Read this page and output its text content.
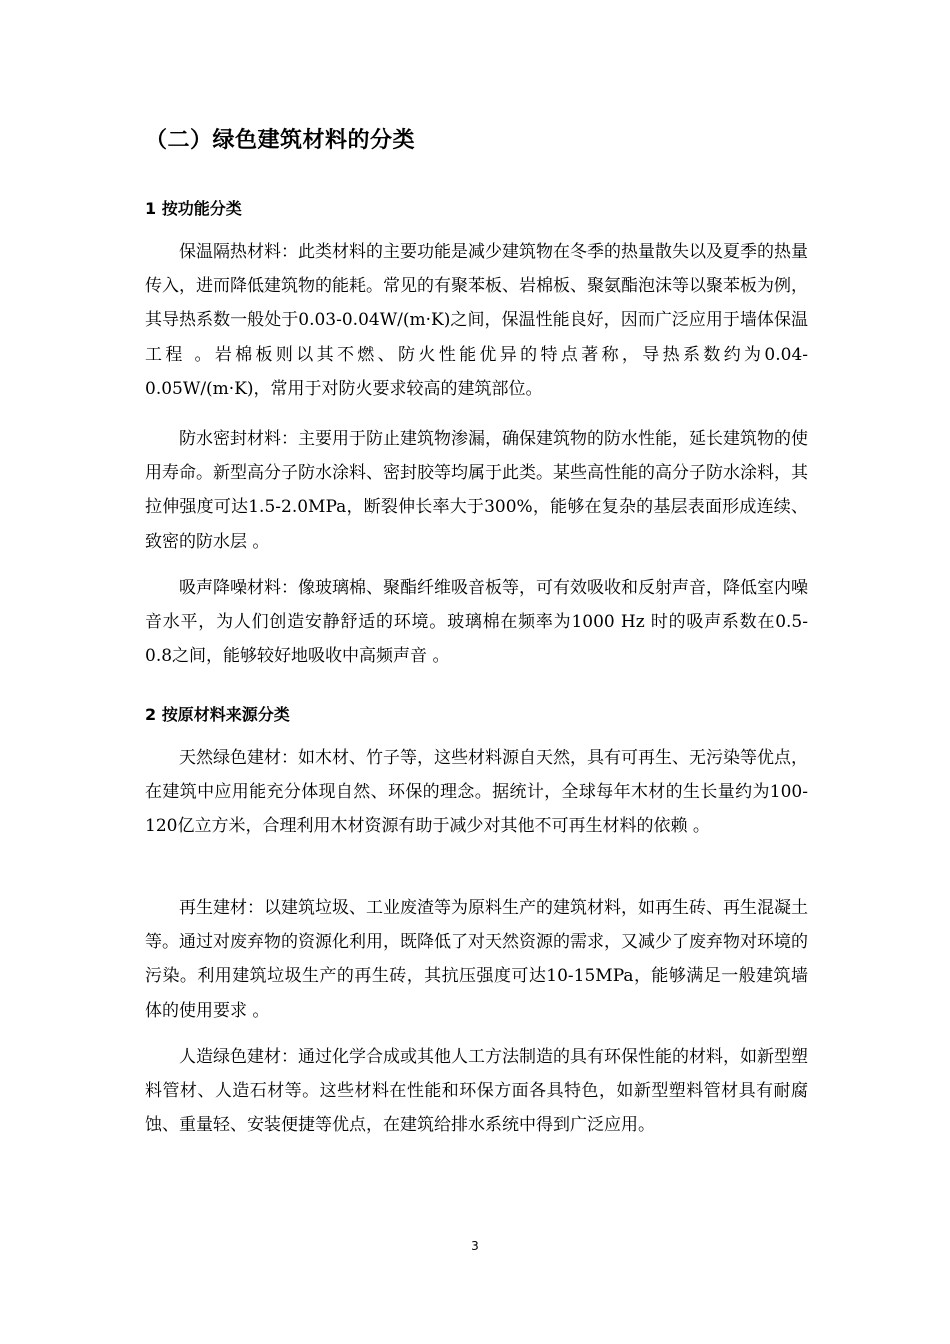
（二）绿色建筑材料的分类
1 按功能分类

保温隔热材料：此类材料的主要功能是减少建筑物在冬季的热量散失以及夏季的热量传入，进而降低建筑物的能耗。常见的有聚苯板、岩棉板、聚氨酯泡沫等以聚苯板为例，其导热系数一般处于0.03-0.04W/(m·K)之间，保温性能良好，因而广泛应用于墙体保温工程 。岩棉板则以其不燃、防火性能优异的特点著称，导热系数约为0.04-0.05W/(m·K)，常用于对防火要求较高的建筑部位。

防水密封材料：主要用于防止建筑物渗漏，确保建筑物的防水性能，延长建筑物的使用寿命。新型高分子防水涂料、密封胶等均属于此类。某些高性能的高分子防水涂料，其拉伸强度可达1.5-2.0MPa，断裂伸长率大于300%，能够在复杂的基层表面形成连续、致密的防水层 。

吸声降噪材料：像玻璃棉、聚酯纤维吸音板等，可有效吸收和反射声音，降低室内噪音水平，为人们创造安静舒适的环境。玻璃棉在频率为1000 Hz 时的吸声系数在0.5-0.8之间，能够较好地吸收中高频声音 。

2 按原材料来源分类

天然绿色建材：如木材、竹子等，这些材料源自天然，具有可再生、无污染等优点，在建筑中应用能充分体现自然、环保的理念。据统计，全球每年木材的生长量约为100-120亿立方米，合理利用木材资源有助于减少对其他不可再生材料的依赖 。

再生建材：以建筑垃圾、工业废渣等为原料生产的建筑材料，如再生砖、再生混凝土等。通过对废弃物的资源化利用，既降低了对天然资源的需求，又减少了废弃物对环境的污染。利用建筑垃圾生产的再生砖，其抗压强度可达10-15MPa，能够满足一般建筑墙体的使用要求 。

人造绿色建材：通过化学合成或其他人工方法制造的具有环保性能的材料，如新型塑料管材、人造石材等。这些材料在性能和环保方面各具特色，如新型塑料管材具有耐腐蚀、重量轻、安装便捷等优点，在建筑给排水系统中得到广泛应用。

3
